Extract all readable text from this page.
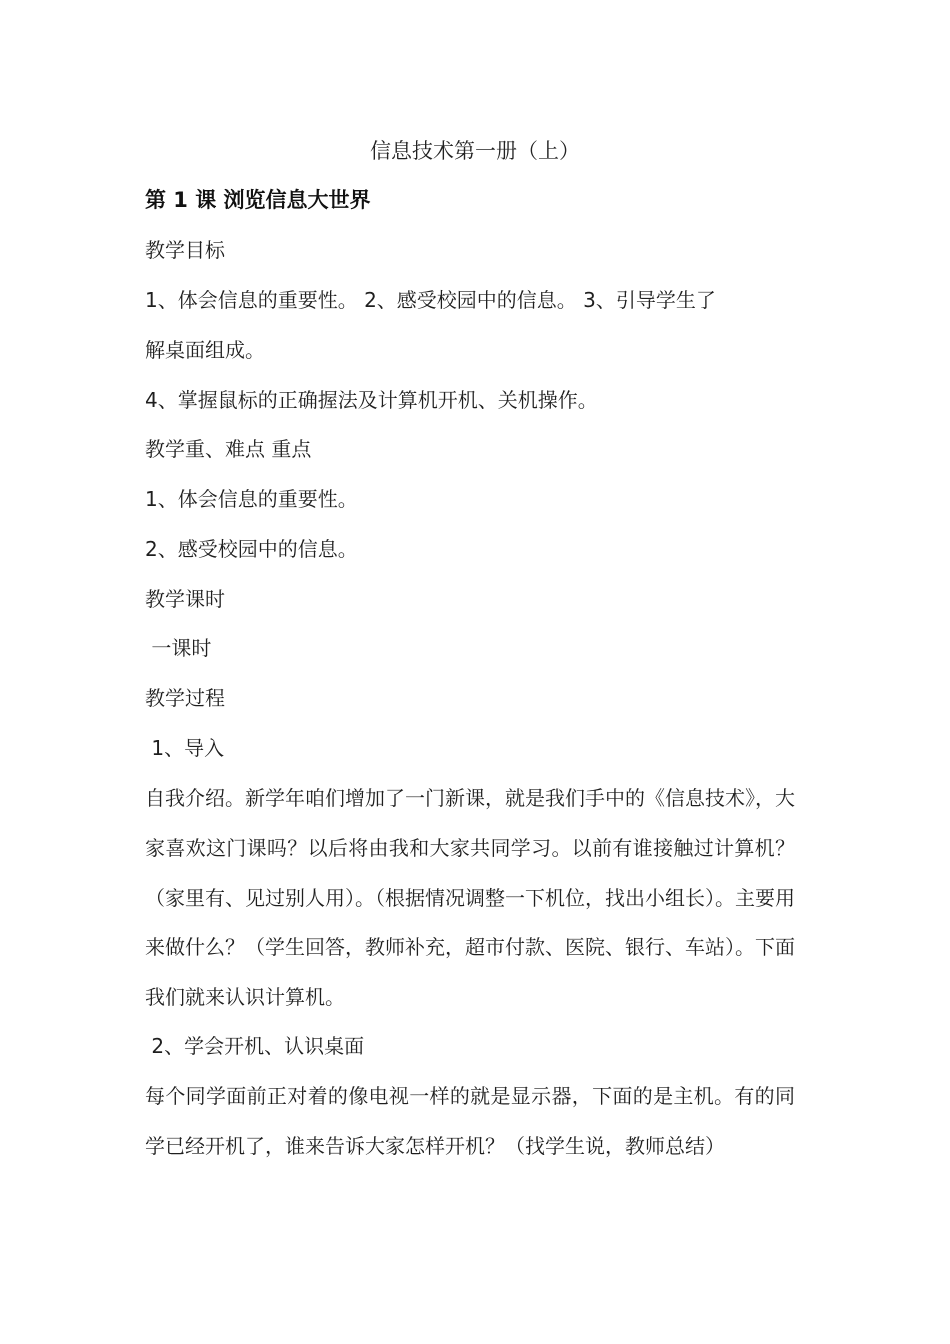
信息技术第一册（上）
第 1 课 浏览信息大世界
教学目标
1、体会信息的重要性。 2、感受校园中的信息。 3、引导学生了
解桌面组成。
4、掌握鼠标的正确握法及计算机开机、关机操作。
教学重、难点 重点
1、体会信息的重要性。
2、感受校园中的信息。
教学课时
一课时
教学过程
1、导入
自我介绍。新学年咱们增加了一门新课，就是我们手中的《信息技术》，大家喜欢这门课吗？以后将由我和大家共同学习。以前有谁接触过计算机？（家里有、见过别人用）。（根据情况调整一下机位，找出小组长）。主要用来做什么？（学生回答，教师补充，超市付款、医院、银行、车站）。下面我们就来认识计算机。
2、学会开机、认识桌面
每个同学面前正对着的像电视一样的就是显示器，下面的是主机。有的同学已经开机了，谁来告诉大家怎样开机？（找学生说，教师总结）
